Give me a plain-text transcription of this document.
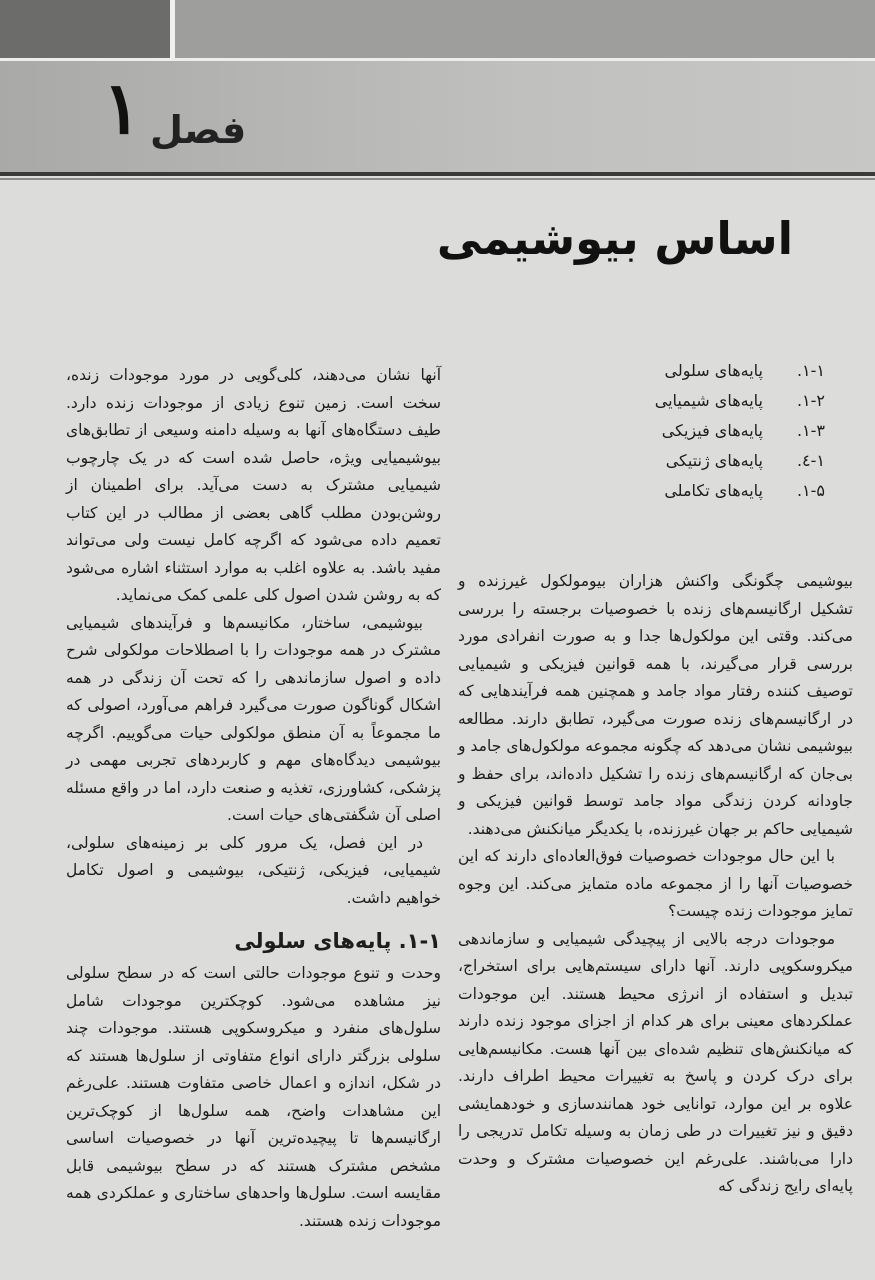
۱ فصل
اساس بیوشیمی
۱-۱.پایه‌های سلولی
۱-۲.پایه‌های شیمیایی
۱-۳.پایه‌های فیزیکی
۱-٤.پایه‌های ژنتیکی
۱-۵.پایه‌های تکاملی

بیوشیمی چگونگی واکنش هزاران بیومولکول غیرزنده و تشکیل ارگانیسم‌های زنده با خصوصیات برجسته را بررسی می‌کند. وقتی این مولکول‌ها جدا و به صورت انفرادی مورد بررسی قرار می‌گیرند، با همه قوانین فیزیکی و شیمیایی توصیف کننده رفتار مواد جامد و همچنین همه فرآیندهایی که در ارگانیسم‌های زنده صورت می‌گیرد، تطابق دارند. مطالعه بیوشیمی نشان می‌دهد که چگونه مجموعه مولکول‌های جامد و بی‌جان که ارگانیسم‌های زنده را تشکیل داده‌اند، برای حفظ و جاودانه کردن زندگی مواد جامد توسط قوانین فیزیکی و شیمیایی حاکم بر جهان غیرزنده، با یکدیگر میانکنش می‌دهند.

با این حال موجودات خصوصیات فوق‌العاده‌ای دارند که این خصوصیات آنها را از مجموعه ماده متمایز می‌کند. این وجوه تمایز موجودات زنده چیست؟

موجودات درجه بالایی از پیچیدگی شیمیایی و سازماندهی میکروسکوپی دارند. آنها دارای سیستم‌هایی برای استخراج، تبدیل و استفاده از انرژی محیط هستند. این موجودات عملکردهای معینی برای هر کدام از اجزای موجود زنده دارند که میانکنش‌های تنظیم شده‌ای بین آنها هست. مکانیسم‌هایی برای درک کردن و پاسخ به تغییرات محیط اطراف دارند. علاوه بر این موارد، توانایی خود همانندسازی و خودهمایشی دقیق و نیز تغییرات در طی زمان به وسیله تکامل تدریجی را دارا می‌باشند. علی‌رغم این خصوصیات مشترک و وحدت پایه‌ای رایج زندگی که

آنها نشان می‌دهند، کلی‌گویی در مورد موجودات زنده، سخت است. زمین تنوع زیادی از موجودات زنده دارد. طیف دستگاه‌های آنها به وسیله دامنه وسیعی از تطابق‌های بیوشیمیایی ویژه، حاصل شده است که در یک چارچوب شیمیایی مشترک به دست می‌آید. برای اطمینان از روشن‌بودن مطلب گاهی بعضی از مطالب در این کتاب تعمیم داده می‌شود که اگرچه کامل نیست ولی می‌تواند مفید باشد. به علاوه اغلب به موارد استثناء اشاره می‌شود که به روشن شدن اصول کلی علمی کمک می‌نماید.

بیوشیمی، ساختار، مکانیسم‌ها و فرآیندهای شیمیایی مشترک در همه موجودات را با اصطلاحات مولکولی شرح داده و اصول سازماندهی را که تحت آن زندگی در همه اشکال گوناگون صورت می‌گیرد فراهم می‌آورد، اصولی که ما مجموعاً به آن منطق مولکولی حیات می‌گوییم. اگرچه بیوشیمی دیدگاه‌های مهم و کاربردهای تجربی مهمی در پزشکی، کشاورزی، تغذیه و صنعت دارد، اما در واقع مسئله اصلی آن شگفتی‌های حیات است.

در این فصل، یک مرور کلی بر زمینه‌های سلولی، شیمیایی، فیزیکی، ژنتیکی، بیوشیمی و اصول تکامل خواهیم داشت.

۱-۱. پایه‌های سلولی

وحدت و تنوع موجودات حالتی است که در سطح سلولی نیز مشاهده می‌شود. کوچکترین موجودات شامل سلول‌های منفرد و میکروسکوپی هستند. موجودات چند سلولی بزرگتر دارای انواع متفاوتی از سلول‌ها هستند که در شکل، اندازه و اعمال خاصی متفاوت هستند. علی‌رغم این مشاهدات واضح، همه سلول‌ها از کوچک‌ترین ارگانیسم‌ها تا پیچیده‌ترین آنها در خصوصیات اساسی مشخص مشترک هستند که در سطح بیوشیمی قابل مقایسه است. سلول‌ها واحدهای ساختاری و عملکردی همه موجودات زنده هستند.
